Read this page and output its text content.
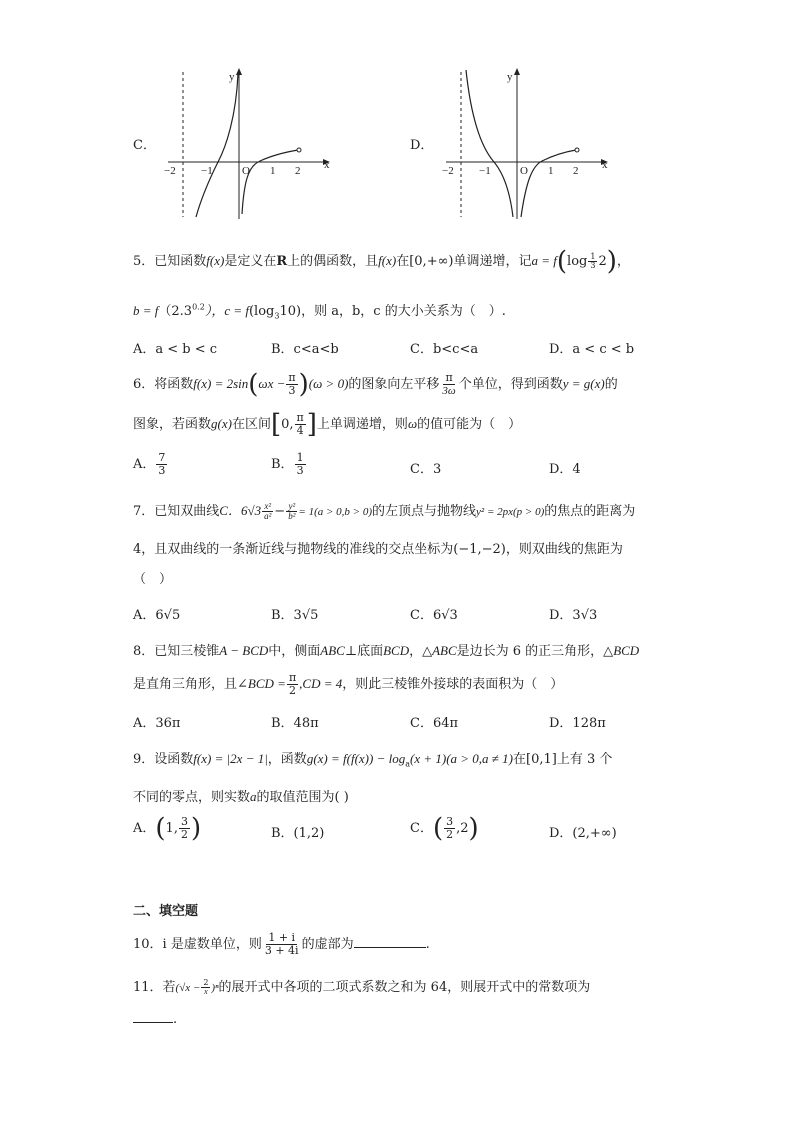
C．
y
x
O
−2 −1	1 2
D．
y
x
O
−2 −1	1 2
5．已知函数f(x)是定义在R上的偶函数，且f(x)在[0,+∞)单调递增，记$a = f(\log \frac{1}{3} 2)$，
$b = f(2.3^{0.2})$，$c = f(\log_310)$，则 a，b，c 的大小关系为（　）.
A．a < b < c	B．c<a<b	C．b<c<a	D．a < c < b
6．将函数$f(x) = 2\sin(\omega x - \frac{\pi}{3} )(\omega > 0)$的图象向左平移 $\frac{\pi}{3\omega}$ 个单位，得到函数y = g(x)的
图象，若函数g(x)在区间[0, $\frac{\pi}{4}$ ]上单调递增，则ω的值可能为（　）
A． $\frac{7}{3}$	B． $\frac{1}{3}$	C．3	D．4
7．已知双曲线C．$6√3 \frac{\text{x²}}{\text{a²}} - \frac{\text{y²}}{\text{b²}} = 1(a > 0,b > 0)$的左顶点与抛物线y² = 2px(p > 0)的焦点的距离为
4，且双曲线的一条渐近线与抛物线的准线的交点坐标为(−1,−2)，则双曲线的焦距为
（　）
A．6√5	B．3√5	C．6√3	D．3√3
8．已知三棱锥A − BCD中，侧面ABC⊥底面BCD，△ABC是边长为 6 的正三角形，△BCD
是直角三角形，且∠BCD = $\frac{\pi}{2} ,CD = 4$，则此三棱锥外接球的表面积为（　）
A．36π	B．48π	C．64π	D．128π
9．设函数f(x) = |2x − 1|，函数$g(x) = f(f(x)) - \log_a(x + 1)(a > 0,a \ne 1)$在[0,1]上有 3 个
不同的零点，则实数a的取值范围为( )
A．(1, $\frac{3}{2}$ )	B．(1,2)	C．( $\frac{3}{2} ,2$)	D．(2,+∞)
二、填空题
10．i 是虚数单位，则 $\frac{1 + i}{3 + 4i}$ 的虚部为	.
11．若$(√x - \frac{2}{x} )^n$的展开式中各项的二项式系数之和为 64，则展开式中的常数项为
.
